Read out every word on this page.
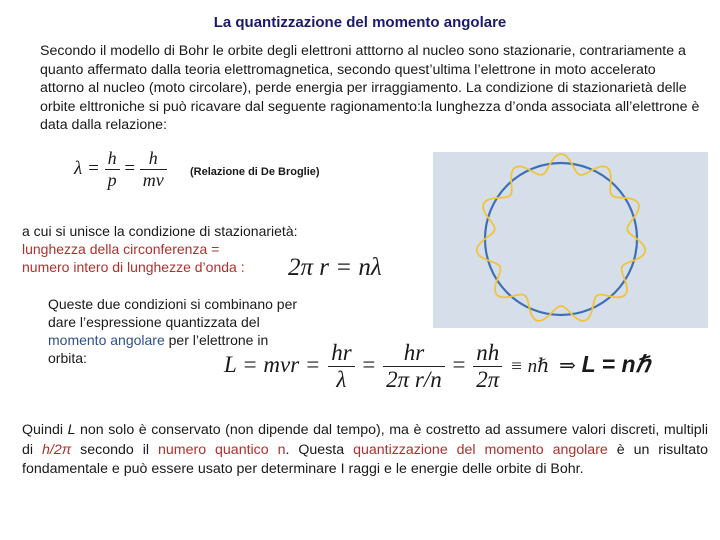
La quantizzazione del momento angolare
Secondo il modello di Bohr le orbite degli elettroni atttorno al nucleo sono stazionarie, contrariamente a quanto affermato dalla teoria elettromagnetica, secondo quest’ultima l’elettrone in moto accelerato attorno al nucleo (moto circolare), perde energia per irraggiamento. La condizione di stazionarietà delle orbite elttroniche si può ricavare dal seguente ragionamento:la lunghezza d’onda associata all’elettrone è data dalla relazione:
$\lambda = \frac{h}{p} = \frac{h}{mv}$ (Relazione di De Broglie)
a cui si unisce la condizione di stazionarietà:
lunghezza della circonferenza =
numero intero di lunghezze d’onda :	2π r = nλ
Queste due condizioni si combinano per dare l’espressione quantizzata del momento angolare per l’elettrone in orbita:	L = mvr = $\frac{hr}{\lambda} = \frac{hr}{\text{2π r/n}} = \frac{nh}{2\pi}$ ≡ nℏ ⇒ L = nℏ
Quindi L non solo è conservato (non dipende dal tempo), ma è costretto ad assumere valori discreti, multipli di h/2π secondo il numero quantico n. Questa quantizzazione del momento angolare è un risultato fondamentale e può essere usato per determinare I raggi e le energie delle orbite di Bohr.
